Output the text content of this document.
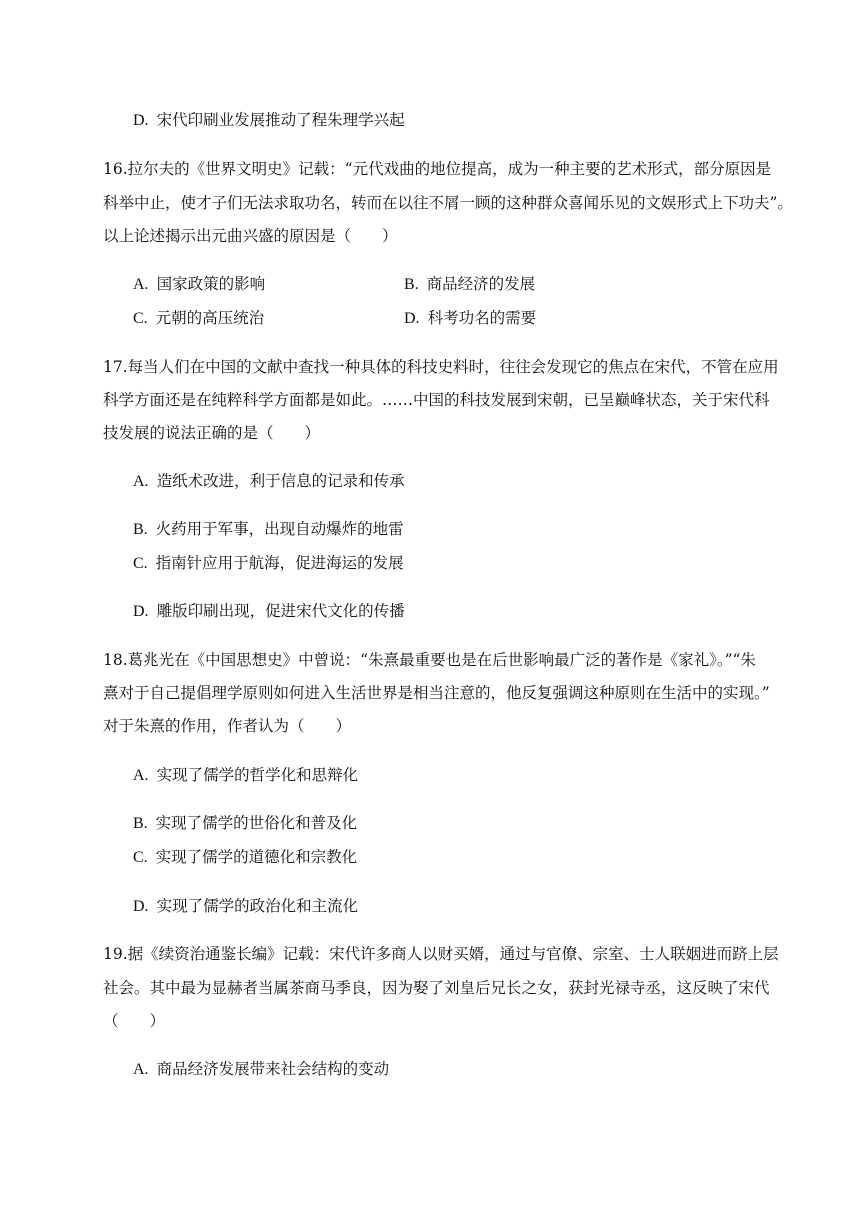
D. 宋代印刷业发展推动了程朱理学兴起
16.拉尔夫的《世界文明史》记载：“元代戏曲的地位提高，成为一种主要的艺术形式，部分原因是
科举中止，使才子们无法求取功名，转而在以往不屑一顾的这种群众喜闻乐见的文娱形式上下功夫”。
以上论述揭示出元曲兴盛的原因是（　　）
A. 国家政策的影响	B. 商品经济的发展
C. 元朝的高压统治	D. 科考功名的需要
17.每当人们在中国的文献中查找一种具体的科技史料时，往往会发现它的焦点在宋代，不管在应用
科学方面还是在纯粹科学方面都是如此。……中国的科技发展到宋朝，已呈巅峰状态，关于宋代科
技发展的说法正确的是（　　）
A. 造纸术改进，利于信息的记录和传承
B. 火药用于军事，出现自动爆炸的地雷
C. 指南针应用于航海，促进海运的发展
D. 雕版印刷出现，促进宋代文化的传播
18.葛兆光在《中国思想史》中曾说：“朱熹最重要也是在后世影响最广泛的著作是《家礼》。”“朱
熹对于自己提倡理学原则如何进入生活世界是相当注意的，他反复强调这种原则在生活中的实现。”
对于朱熹的作用，作者认为（　　）
A. 实现了儒学的哲学化和思辩化
B. 实现了儒学的世俗化和普及化
C. 实现了儒学的道德化和宗教化
D. 实现了儒学的政治化和主流化
19.据《续资治通鉴长编》记载：宋代许多商人以财买婿，通过与官僚、宗室、士人联姻进而跻上层
社会。其中最为显赫者当属茶商马季良，因为娶了刘皇后兄长之女，获封光禄寺丞，这反映了宋代
（　　）
A. 商品经济发展带来社会结构的变动
